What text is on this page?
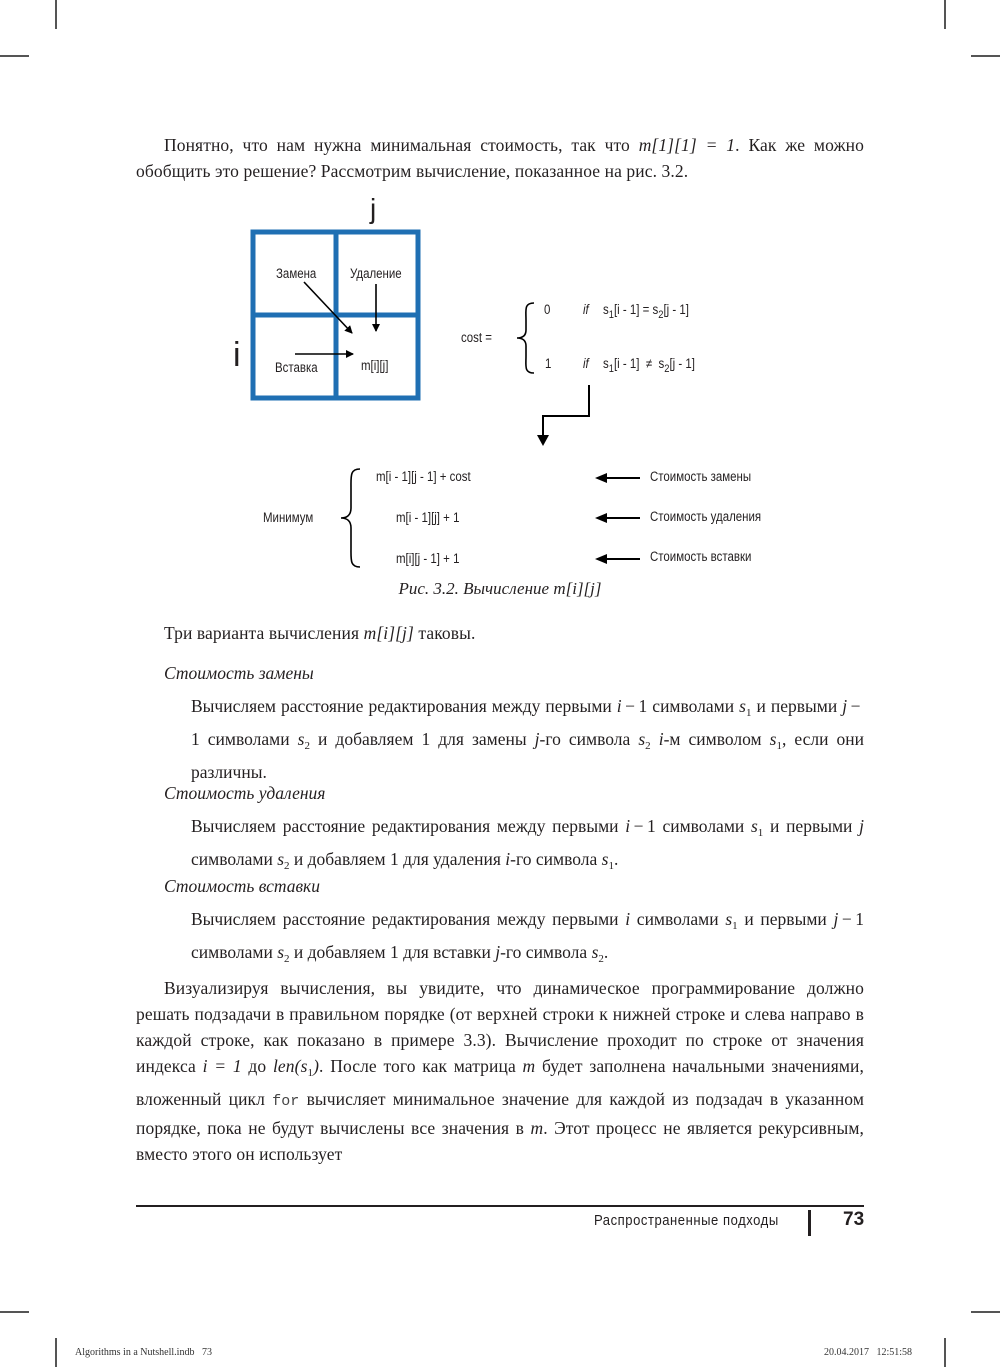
Понятно, что нам нужна минимальная стоимость, так что m[1][1] = 1. Как же можно обобщить это решение? Рассмотрим вычисление, показанное на рис. 3.2.

j
i
Замена Удаление
Вставка	m[i][j]
cost =
0 if $s_1[i - 1] = s_2[j - 1]$
1 if $s_1[i - 1] \ne s_2[j - 1]$
Минимум
m[i - 1][j - 1] + cost
m[i - 1][j] + 1
m[i][j - 1] + 1
Стоимость замены
Стоимость удаления
Стоимость вставки
Рис. 3.2. Вычисление m[i][j]

Три варианта вычисления m[i][j] таковы.

Стоимость замены
Вычисляем расстояние редактирования между первыми i − 1 символами $s_1$ и первыми j − 1 символами $s_2$ и добавляем 1 для замены j-го символа $s_2$ i-м символом $s_1$, если они различны.
Стоимость удаления
Вычисляем расстояние редактирования между первыми i − 1 символами $s_1$ и первыми j символами $s_2$ и добавляем 1 для удаления i-го символа $s_1$.
Стоимость вставки
Вычисляем расстояние редактирования между первыми i символами $s_1$ и первыми j − 1 символами $s_2$ и добавляем 1 для вставки j-го символа $s_2$.

Визуализируя вычисления, вы увидите, что динамическое программирование должно решать подзадачи в правильном порядке (от верхней строки к нижней строке и слева направо в каждой строке, как показано в примере 3.3). Вычисление проходит по строке от значения индекса i = 1 до $len(s_1)$. После того как матрица m будет заполнена начальными значениями, вложенный цикл for вычисляет минимальное значение для каждой из подзадач в указанном порядке, пока не будут вычислены все значения в m. Этот процесс не является рекурсивным, вместо этого он использует

Распространенные подходы	73
Algorithms in a Nutshell.indb   73	20.04.2017   12:51:58
